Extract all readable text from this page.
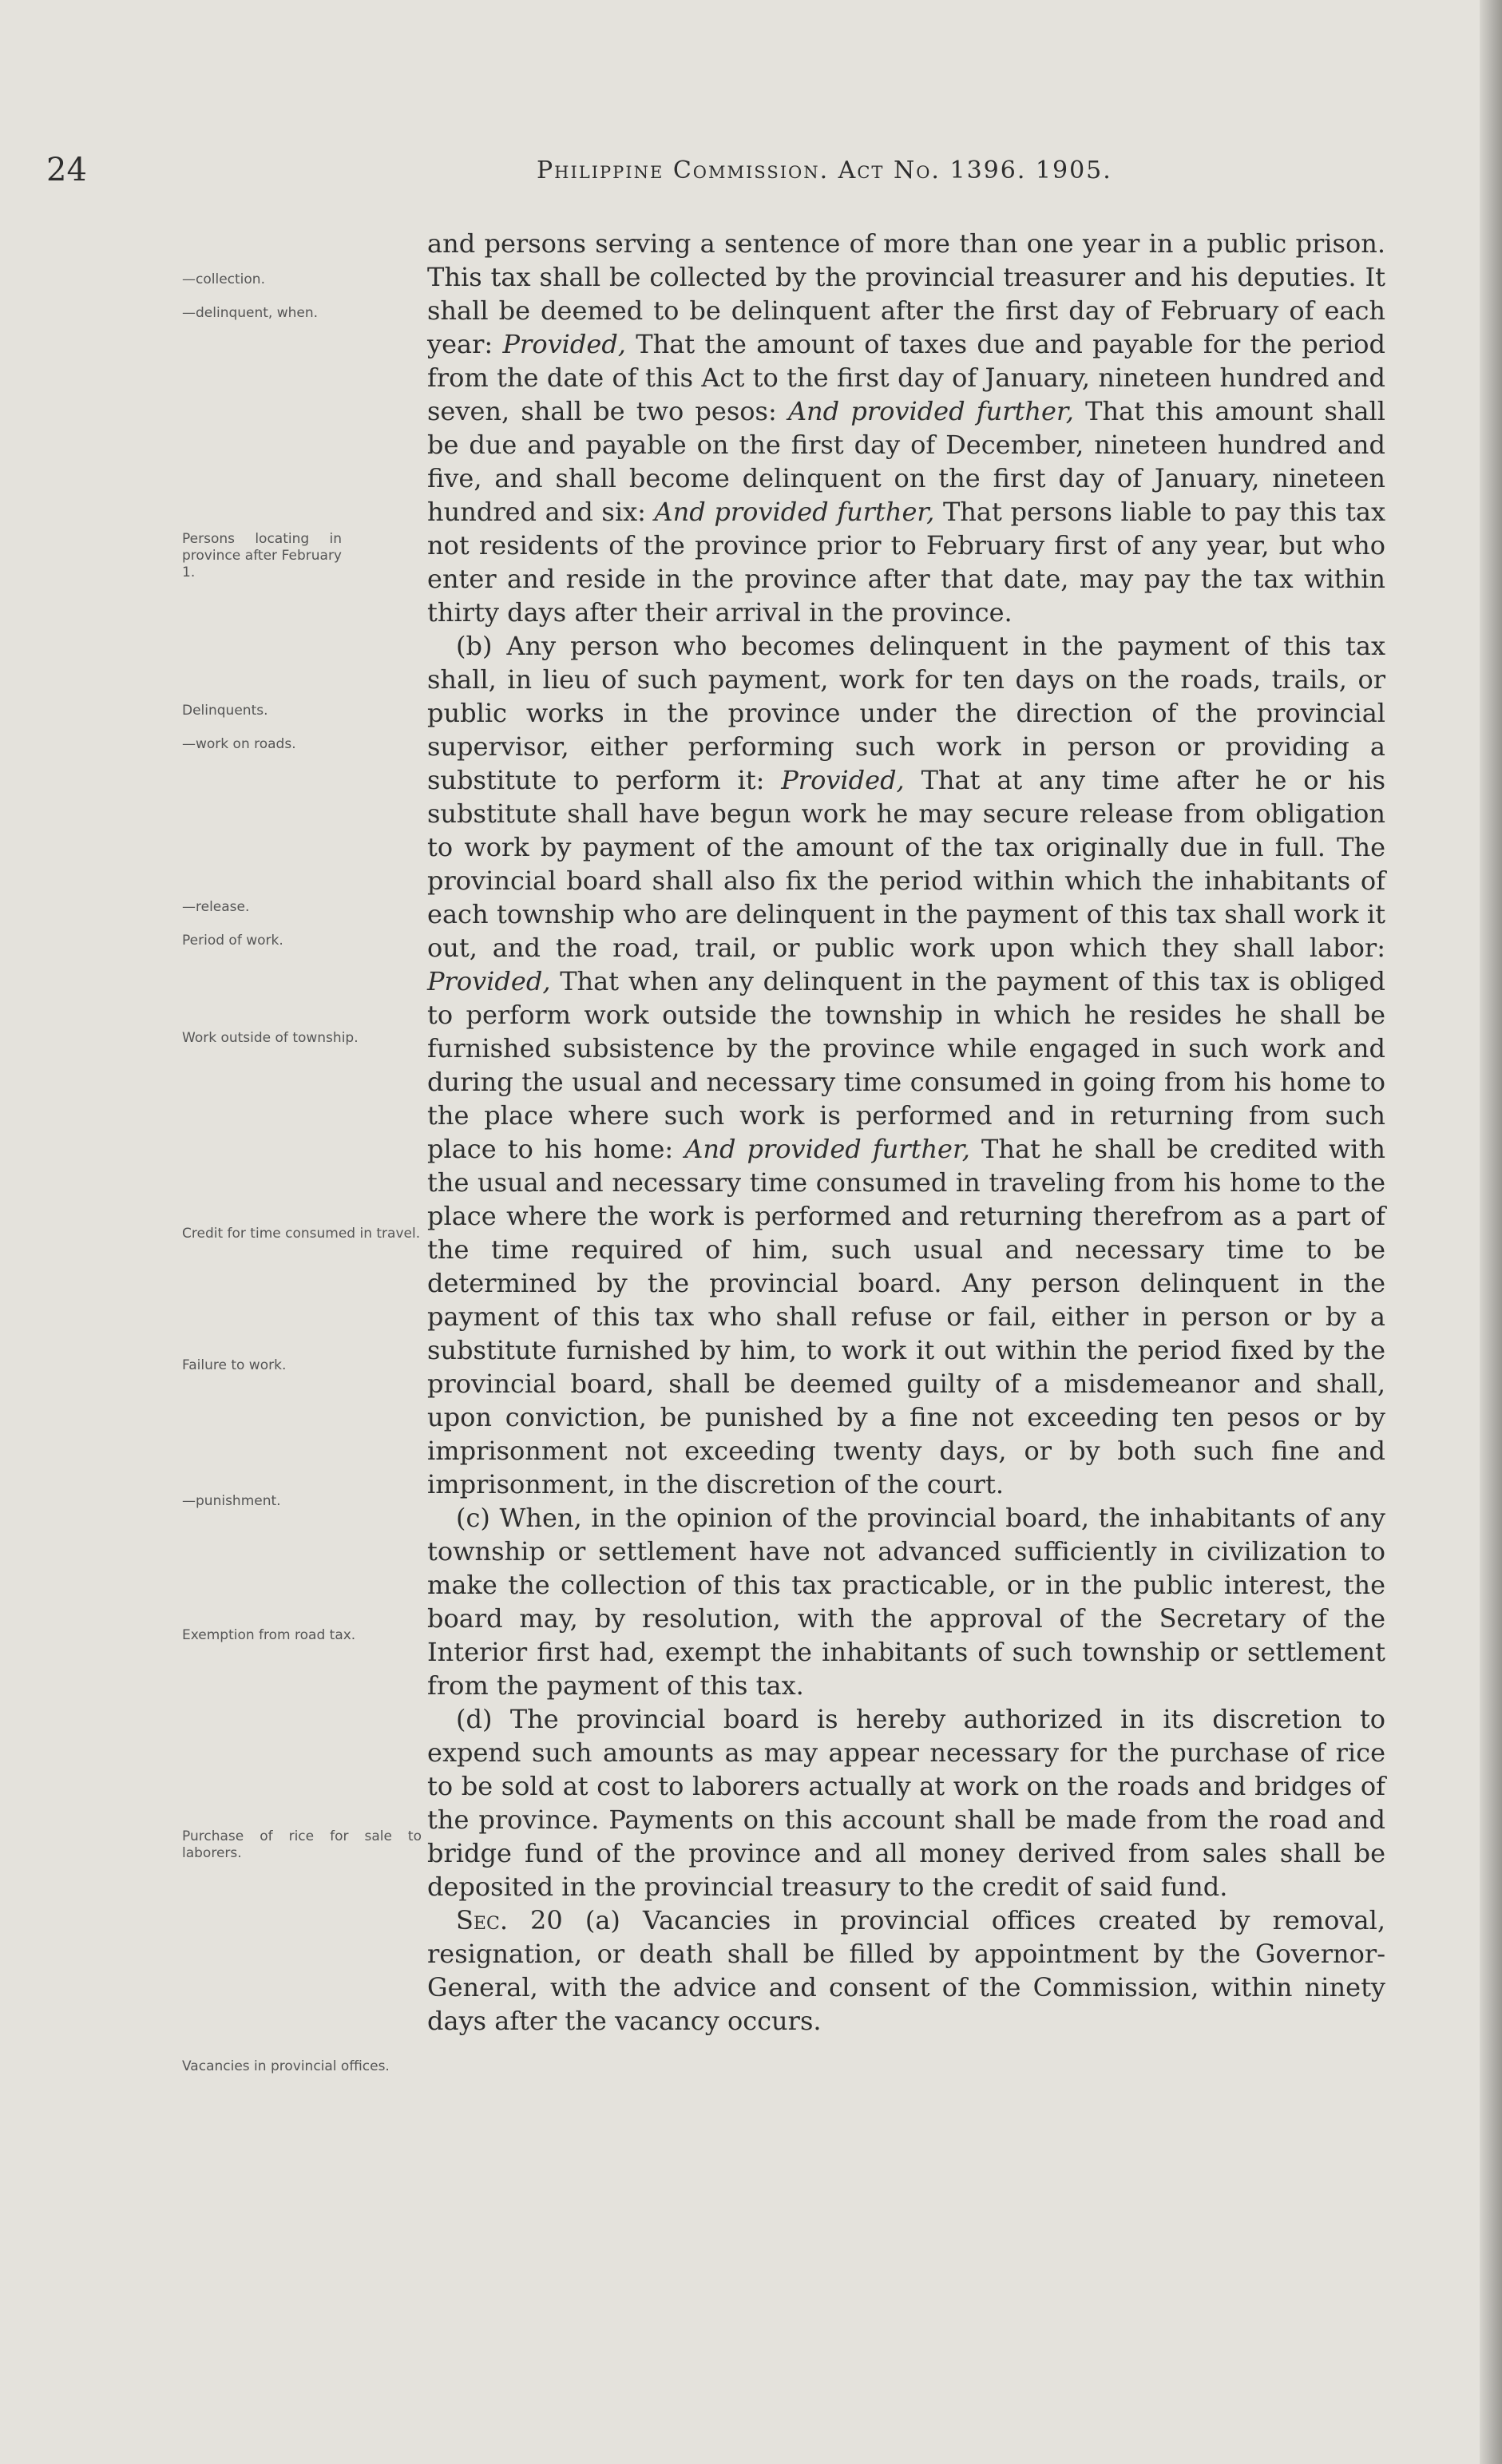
24	Philippine Commission. Act No. 1396. 1905.
—collection.
—delinquent, when.
Persons locating in province after February 1.
Delinquents.
—work on roads.
—release.
Period of work.
Work outside of township.
Credit for time consumed in travel.
Failure to work.
—punishment.
Exemption from road tax.
Purchase of rice for sale to laborers.
Vacancies in provincial offices.

and persons serving a sentence of more than one year in a public prison. This tax shall be collected by the provincial treasurer and his deputies. It shall be deemed to be delinquent after the first day of February of each year: Provided, That the amount of taxes due and payable for the period from the date of this Act to the first day of January, nineteen hundred and seven, shall be two pesos: And provided further, That this amount shall be due and payable on the first day of December, nineteen hundred and five, and shall become delinquent on the first day of January, nineteen hundred and six: And provided further, That persons liable to pay this tax not residents of the province prior to February first of any year, but who enter and reside in the province after that date, may pay the tax within thirty days after their arrival in the province.

(b) Any person who becomes delinquent in the payment of this tax shall, in lieu of such payment, work for ten days on the roads, trails, or public works in the province under the direction of the provincial supervisor, either performing such work in person or providing a substitute to perform it: Provided, That at any time after he or his substitute shall have begun work he may secure release from obligation to work by payment of the amount of the tax originally due in full. The provincial board shall also fix the period within which the inhabitants of each township who are delinquent in the payment of this tax shall work it out, and the road, trail, or public work upon which they shall labor: Provided, That when any delinquent in the payment of this tax is obliged to perform work outside the township in which he resides he shall be furnished subsistence by the province while engaged in such work and during the usual and necessary time consumed in going from his home to the place where such work is performed and in returning from such place to his home: And provided further, That he shall be credited with the usual and necessary time consumed in traveling from his home to the place where the work is performed and returning therefrom as a part of the time required of him, such usual and necessary time to be determined by the provincial board. Any person delinquent in the payment of this tax who shall refuse or fail, either in person or by a substitute furnished by him, to work it out within the period fixed by the provincial board, shall be deemed guilty of a misdemeanor and shall, upon conviction, be punished by a fine not exceeding ten pesos or by imprisonment not exceeding twenty days, or by both such fine and imprisonment, in the discretion of the court.

(c) When, in the opinion of the provincial board, the inhabitants of any township or settlement have not advanced sufficiently in civilization to make the collection of this tax practicable, or in the public interest, the board may, by resolution, with the approval of the Secretary of the Interior first had, exempt the inhabitants of such township or settlement from the payment of this tax.

(d) The provincial board is hereby authorized in its discretion to expend such amounts as may appear necessary for the purchase of rice to be sold at cost to laborers actually at work on the roads and bridges of the province. Payments on this account shall be made from the road and bridge fund of the province and all money derived from sales shall be deposited in the provincial treasury to the credit of said fund.

Sec. 20 (a) Vacancies in provincial offices created by removal, resignation, or death shall be filled by appointment by the Governor-General, with the advice and consent of the Commission, within ninety days after the vacancy occurs.
